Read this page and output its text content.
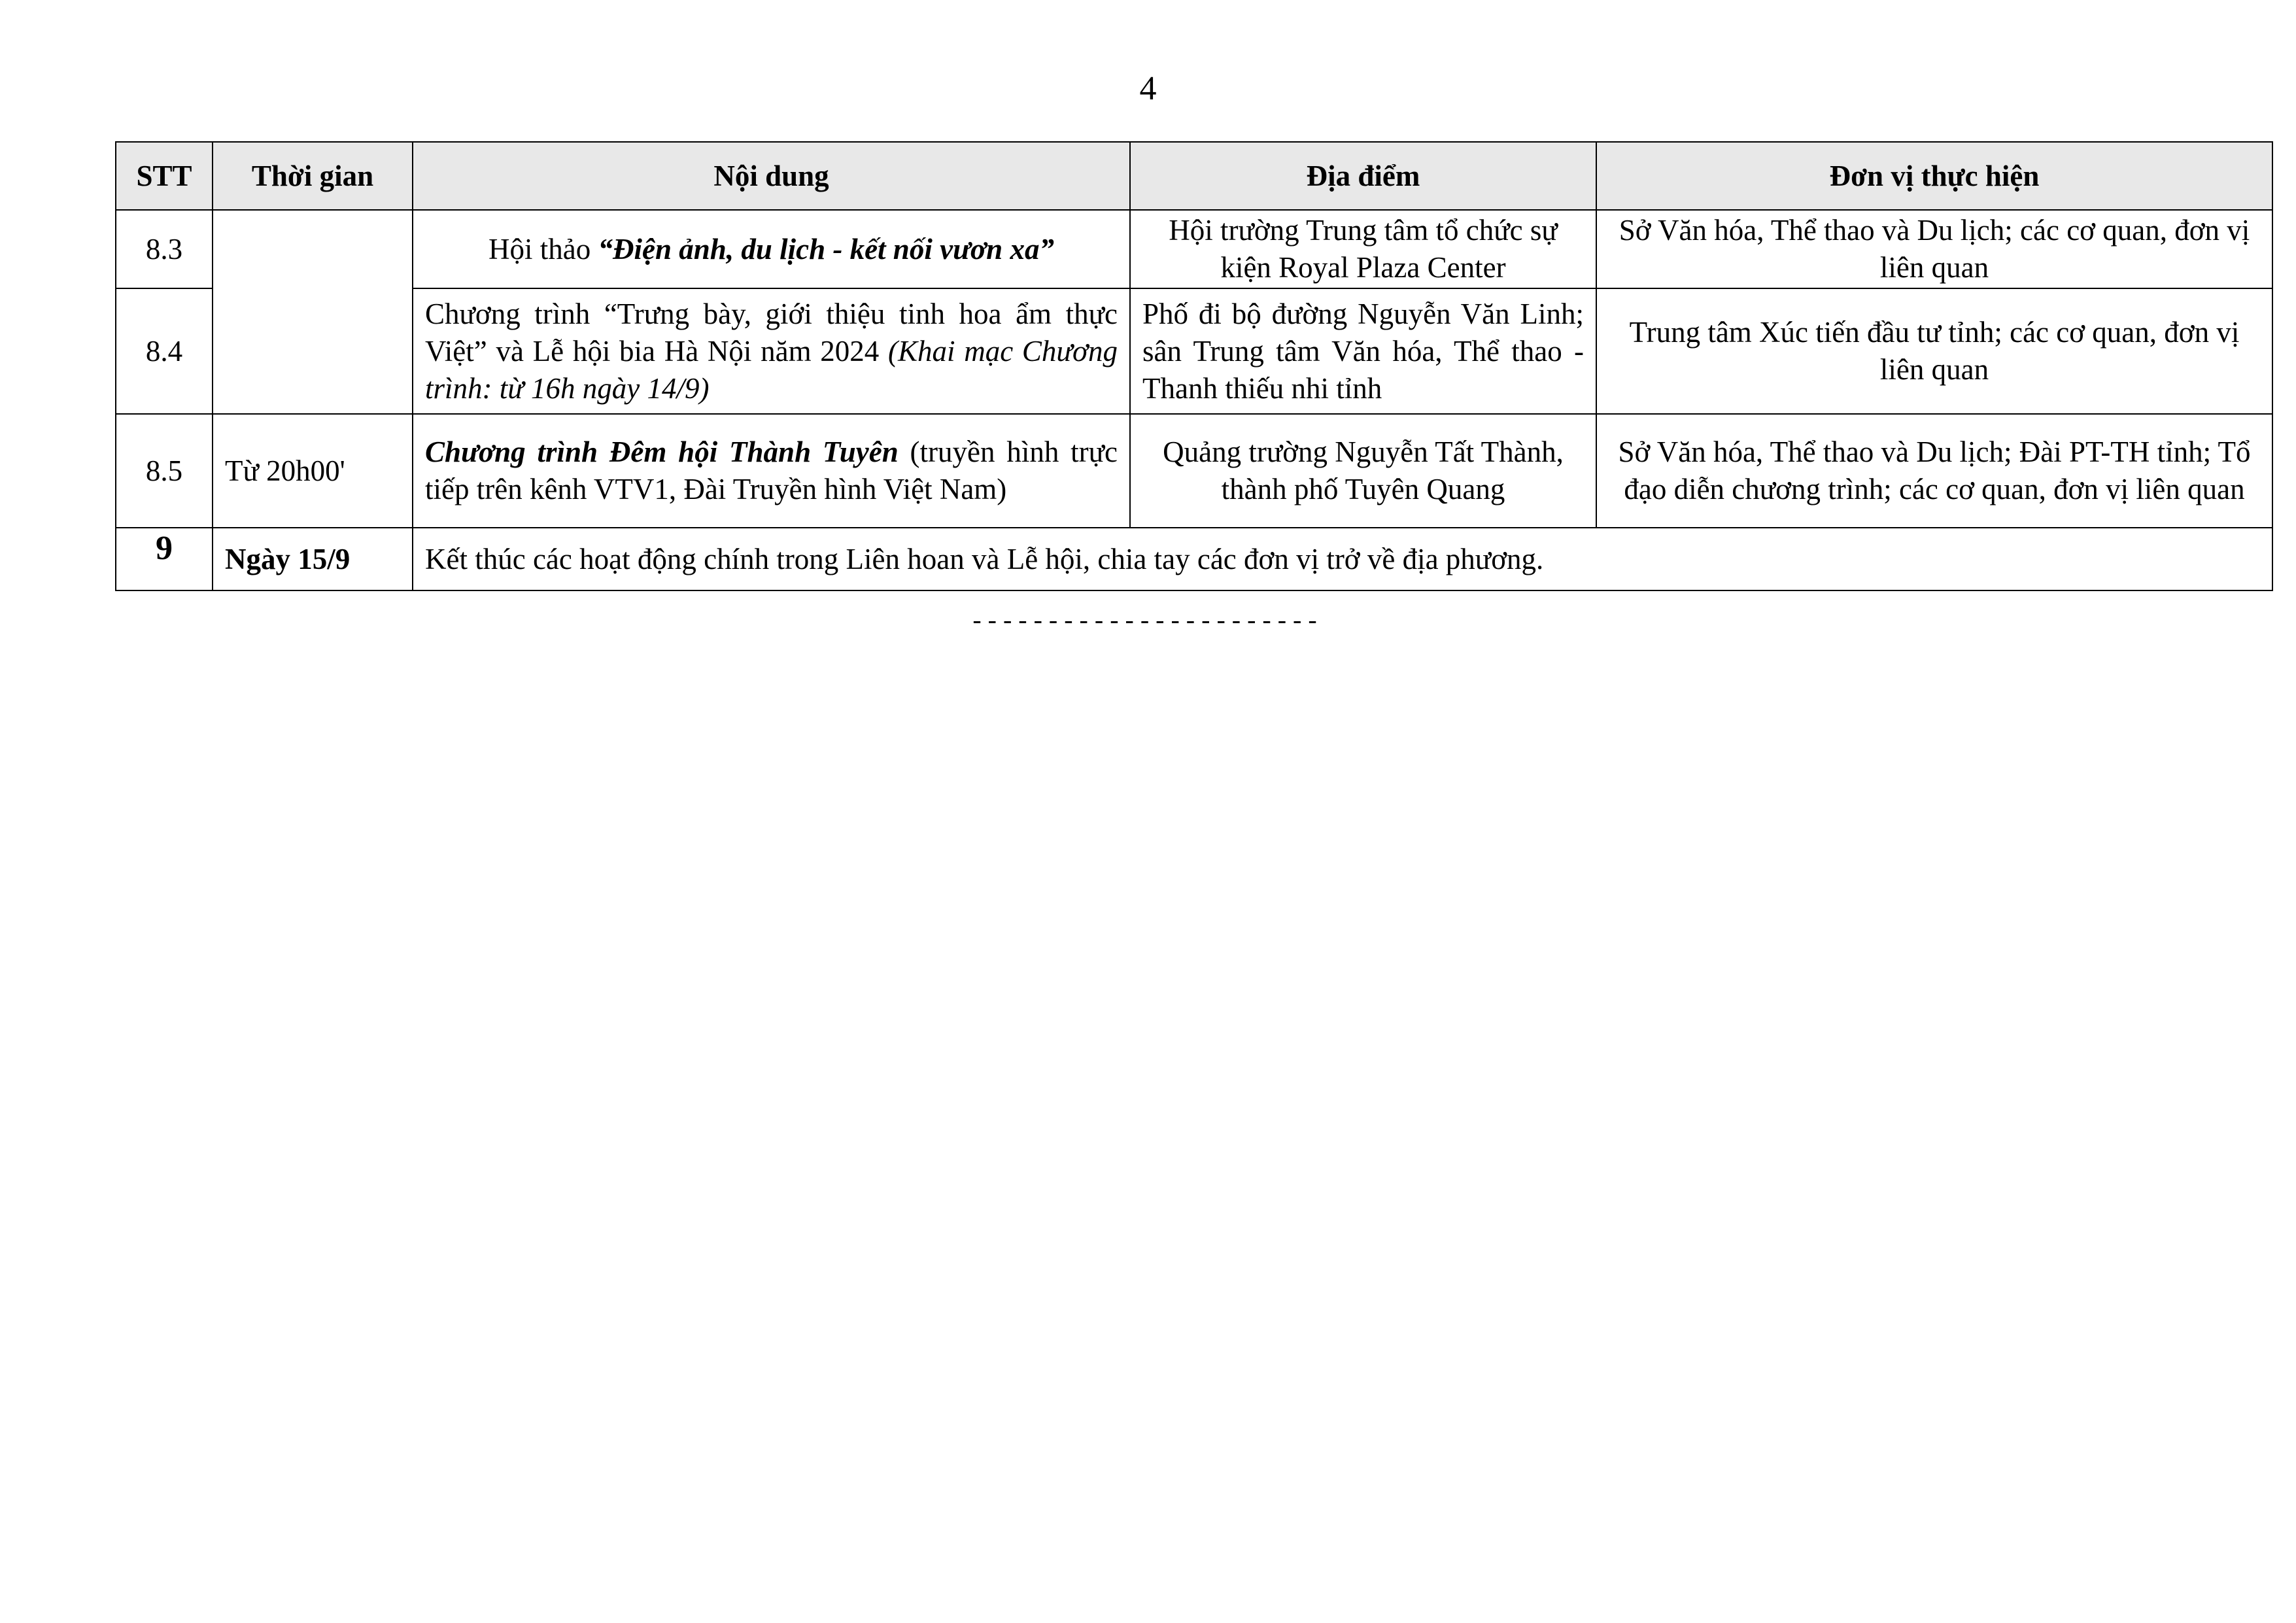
4
STT	Thời gian	Nội dung	Địa điểm	Đơn vị thực hiện
8.3		Hội thảo “Điện ảnh, du lịch - kết nối vươn xa”	Hội trường Trung tâm tổ chức sự kiện Royal Plaza Center	Sở Văn hóa, Thể thao và Du lịch; các cơ quan, đơn vị liên quan
8.4		Chương trình “Trưng bày, giới thiệu tinh hoa ẩm thực Việt” và Lễ hội bia Hà Nội năm 2024 (Khai mạc Chương trình: từ 16h ngày 14/9)	Phố đi bộ đường Nguyễn Văn Linh; sân Trung tâm Văn hóa, Thể thao - Thanh thiếu nhi tỉnh	Trung tâm Xúc tiến đầu tư tỉnh; các cơ quan, đơn vị liên quan
8.5	Từ 20h00'	Chương trình Đêm hội Thành Tuyên (truyền hình trực tiếp trên kênh VTV1, Đài Truyền hình Việt Nam)	Quảng trường Nguyễn Tất Thành, thành phố Tuyên Quang	Sở Văn hóa, Thể thao và Du lịch; Đài PT-TH tỉnh; Tổ đạo diễn chương trình; các cơ quan, đơn vị liên quan
9	Ngày 15/9	Kết thúc các hoạt động chính trong Liên hoan và Lễ hội, chia tay các đơn vị trở về địa phương.		
-----------------------
